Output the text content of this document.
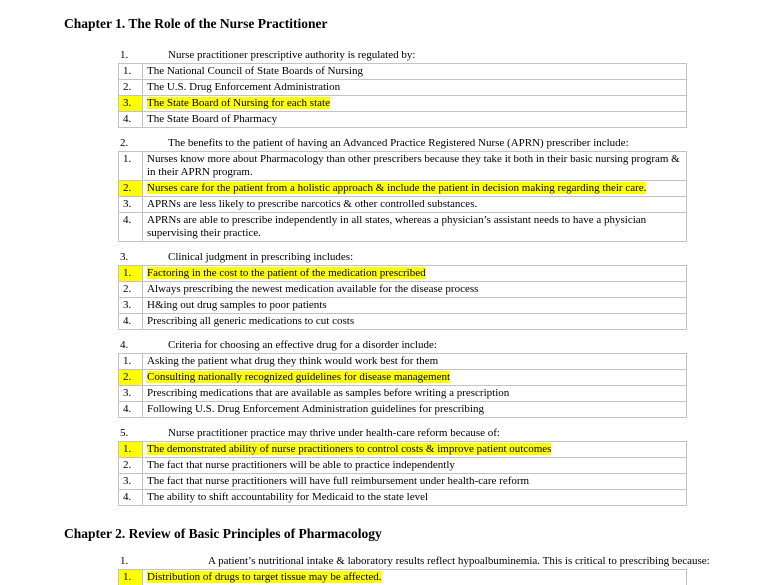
Chapter 1. The Role of the Nurse Practitioner
1.	Nurse practitioner prescriptive authority is regulated by:
1.	The National Council of State Boards of Nursing
2.	The U.S. Drug Enforcement Administration
3.	The State Board of Nursing for each state
4.	The State Board of Pharmacy
2.	The benefits to the patient of having an Advanced Practice Registered Nurse (APRN) prescriber include:
1.	Nurses know more about Pharmacology than other prescribers because they take it both in their basic nursing program & in their APRN program.
2.	Nurses care for the patient from a holistic approach & include the patient in decision making regarding their care.
3.	APRNs are less likely to prescribe narcotics & other controlled substances.
4.	APRNs are able to prescribe independently in all states, whereas a physician’s assistant needs to have a physician supervising their practice.
3.	Clinical judgment in prescribing includes:
1.	Factoring in the cost to the patient of the medication prescribed
2.	Always prescribing the newest medication available for the disease process
3.	H&ing out drug samples to poor patients
4.	Prescribing all generic medications to cut costs
4.	Criteria for choosing an effective drug for a disorder include:
1.	Asking the patient what drug they think would work best for them
2.	Consulting nationally recognized guidelines for disease management
3.	Prescribing medications that are available as samples before writing a prescription
4.	Following U.S. Drug Enforcement Administration guidelines for prescribing
5.	Nurse practitioner practice may thrive under health-care reform because of:
1.	The demonstrated ability of nurse practitioners to control costs & improve patient outcomes
2.	The fact that nurse practitioners will be able to practice independently
3.	The fact that nurse practitioners will have full reimbursement under health-care reform
4.	The ability to shift accountability for Medicaid to the state level
Chapter 2. Review of Basic Principles of Pharmacology
1.	A patient’s nutritional intake & laboratory results reflect hypoalbuminemia. This is critical to prescribing because:
1.	Distribution of drugs to target tissue may be affected.
